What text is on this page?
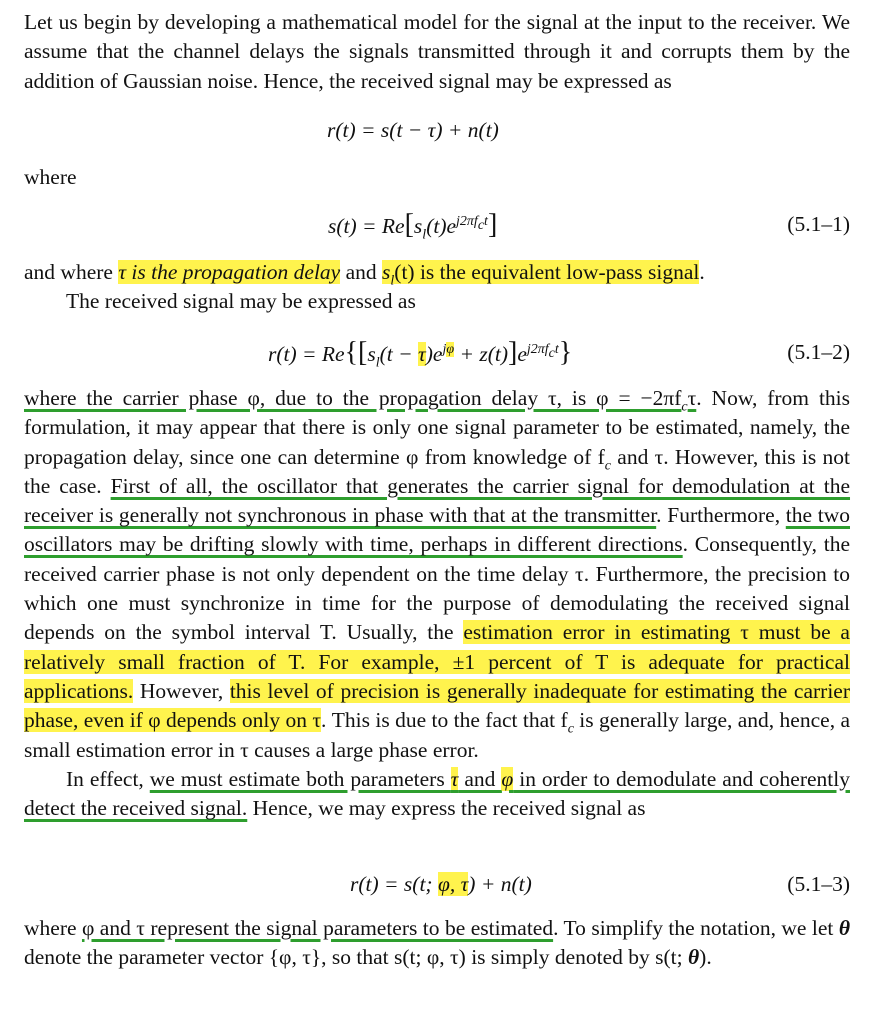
Let us begin by developing a mathematical model for the signal at the input to the receiver. We assume that the channel delays the signals transmitted through it and corrupts them by the addition of Gaussian noise. Hence, the received signal may be expressed as

r(t) = s(t − τ) + n(t)

where

$s(t) = Re[s_l(t)e^{j2\pi f_ct}]$	(5.1–1)

and where τ is the propagation delay and $s_l(t)$ is the equivalent low-pass signal.

The received signal may be expressed as

$r(t) = Re\{[s_l(t - \tau)e^{j\varphi} + z(t)]e^{j2\pi f_ct}\}$	(5.1–2)

where the carrier phase φ, due to the propagation delay τ, is $\varphi = -2\pi f_c\tau$. Now, from this formulation, it may appear that there is only one signal parameter to be estimated, namely, the propagation delay, since one can determine φ from knowledge of $f_c$ and τ. However, this is not the case. First of all, the oscillator that generates the carrier signal for demodulation at the receiver is generally not synchronous in phase with that at the transmitter. Furthermore, the two oscillators may be drifting slowly with time, perhaps in different directions. Consequently, the received carrier phase is not only dependent on the time delay τ. Furthermore, the precision to which one must synchronize in time for the purpose of demodulating the received signal depends on the symbol interval T. Usually, the estimation error in estimating τ must be a relatively small fraction of T. For example, ±1 percent of T is adequate for practical applications. However, this level of precision is generally inadequate for estimating the carrier phase, even if φ depends only on τ. This is due to the fact that $f_c$ is generally large, and, hence, a small estimation error in τ causes a large phase error.

In effect, we must estimate both parameters τ and φ in order to demodulate and coherently detect the received signal. Hence, we may express the received signal as

r(t) = s(t; φ, τ) + n(t)	(5.1–3)

where φ and τ represent the signal parameters to be estimated. To simplify the notation, we let θ denote the parameter vector {φ, τ}, so that s(t; φ, τ) is simply denoted by s(t; θ).
